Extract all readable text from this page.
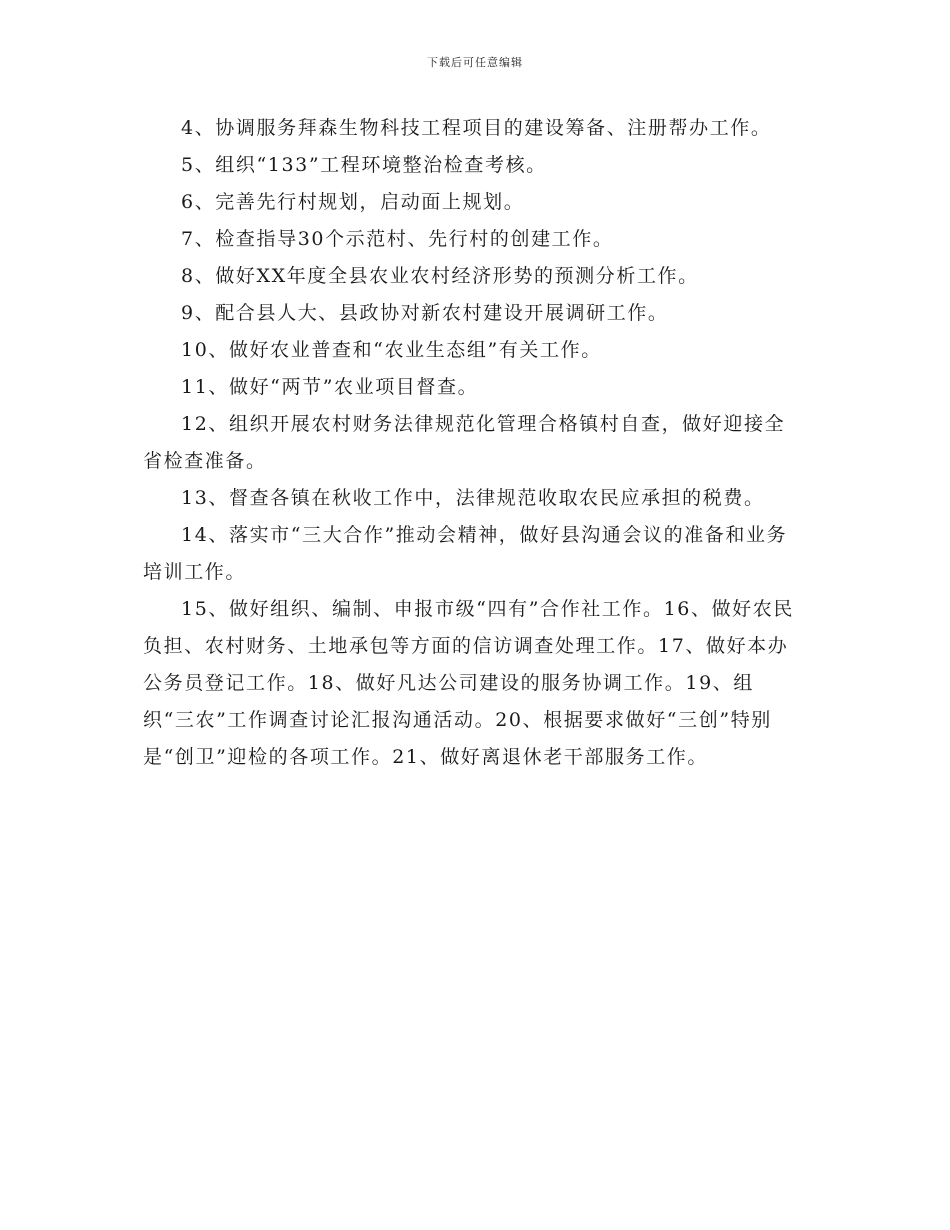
下载后可任意编辑

4、协调服务拜森生物科技工程项目的建设筹备、注册帮办工作。

5、组织“133”工程环境整治检查考核。

6、完善先行村规划，启动面上规划。

7、检查指导30个示范村、先行村的创建工作。

8、做好XX年度全县农业农村经济形势的预测分析工作。

9、配合县人大、县政协对新农村建设开展调研工作。

10、做好农业普查和“农业生态组”有关工作。

11、做好“两节”农业项目督查。

12、组织开展农村财务法律规范化管理合格镇村自查，做好迎接全省检查准备。

13、督查各镇在秋收工作中，法律规范收取农民应承担的税费。

14、落实市“三大合作”推动会精神，做好县沟通会议的准备和业务培训工作。

15、做好组织、编制、申报市级“四有”合作社工作。16、做好农民负担、农村财务、土地承包等方面的信访调查处理工作。17、做好本办公务员登记工作。18、做好凡达公司建设的服务协调工作。19、组织“三农”工作调查讨论汇报沟通活动。20、根据要求做好“三创”特别是“创卫”迎检的各项工作。21、做好离退休老干部服务工作。
